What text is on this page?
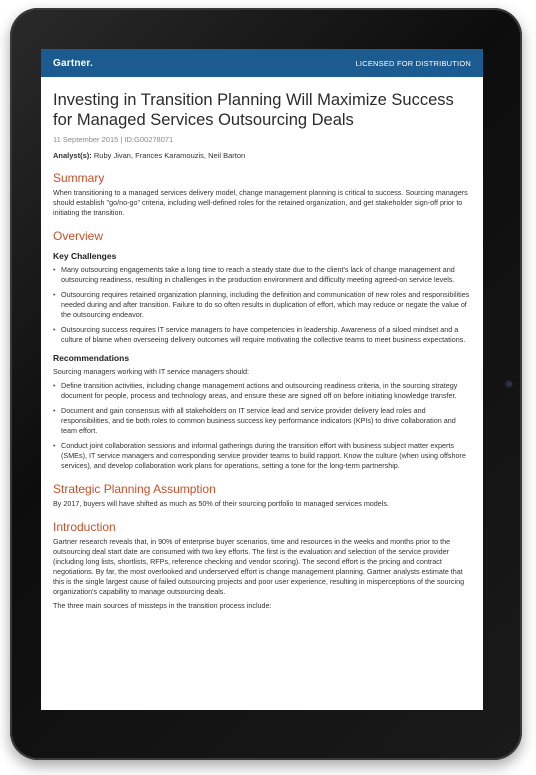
Gartner.	LICENSED FOR DISTRIBUTION
Investing in Transition Planning Will Maximize Success for Managed Services Outsourcing Deals
11 September 2015 | ID:G00278071
Analyst(s): Ruby Jivan, Frances Karamouzis, Neil Barton
Summary

When transitioning to a managed services delivery model, change management planning is critical to success. Sourcing managers should establish "go/no-go" criteria, including well-defined roles for the retained organization, and get stakeholder sign-off prior to initiating the transition.

Overview
Key Challenges
• Many outsourcing engagements take a long time to reach a steady state due to the client's lack of change management and outsourcing readiness, resulting in challenges in the production environment and difficulty meeting agreed-on service levels.
• Outsourcing requires retained organization planning, including the definition and communication of new roles and responsibilities needed during and after transition. Failure to do so often results in duplication of effort, which may reduce or negate the value of the outsourcing endeavor.
• Outsourcing success requires IT service managers to have competencies in leadership. Awareness of a siloed mindset and a culture of blame when overseeing delivery outcomes will require motivating the collective teams to meet business expectations.
Recommendations

Sourcing managers working with IT service managers should:

• Define transition activities, including change management actions and outsourcing readiness criteria, in the sourcing strategy document for people, process and technology areas, and ensure these are signed off on before initiating knowledge transfer.
• Document and gain consensus with all stakeholders on IT service lead and service provider delivery lead roles and responsibilities, and tie both roles to common business success key performance indicators (KPIs) to drive collaboration and team effort.
• Conduct joint collaboration sessions and informal gatherings during the transition effort with business subject matter experts (SMEs), IT service managers and corresponding service provider teams to build rapport. Know the culture (when using offshore services), and develop collaboration work plans for operations, setting a tone for the long-term partnership.
Strategic Planning Assumption

By 2017, buyers will have shifted as much as 50% of their sourcing portfolio to managed services models.

Introduction

Gartner research reveals that, in 90% of enterprise buyer scenarios, time and resources in the weeks and months prior to the outsourcing deal start date are consumed with two key efforts. The first is the evaluation and selection of the service provider (including long lists, shortlists, RFPs, reference checking and vendor scoring). The second effort is the pricing and contract negotiations. By far, the most overlooked and underserved effort is change management planning. Gartner analysts estimate that this is the single largest cause of failed outsourcing projects and poor user experience, resulting in misperceptions of the sourcing organization's capability to manage outsourcing deals.

The three main sources of missteps in the transition process include:
